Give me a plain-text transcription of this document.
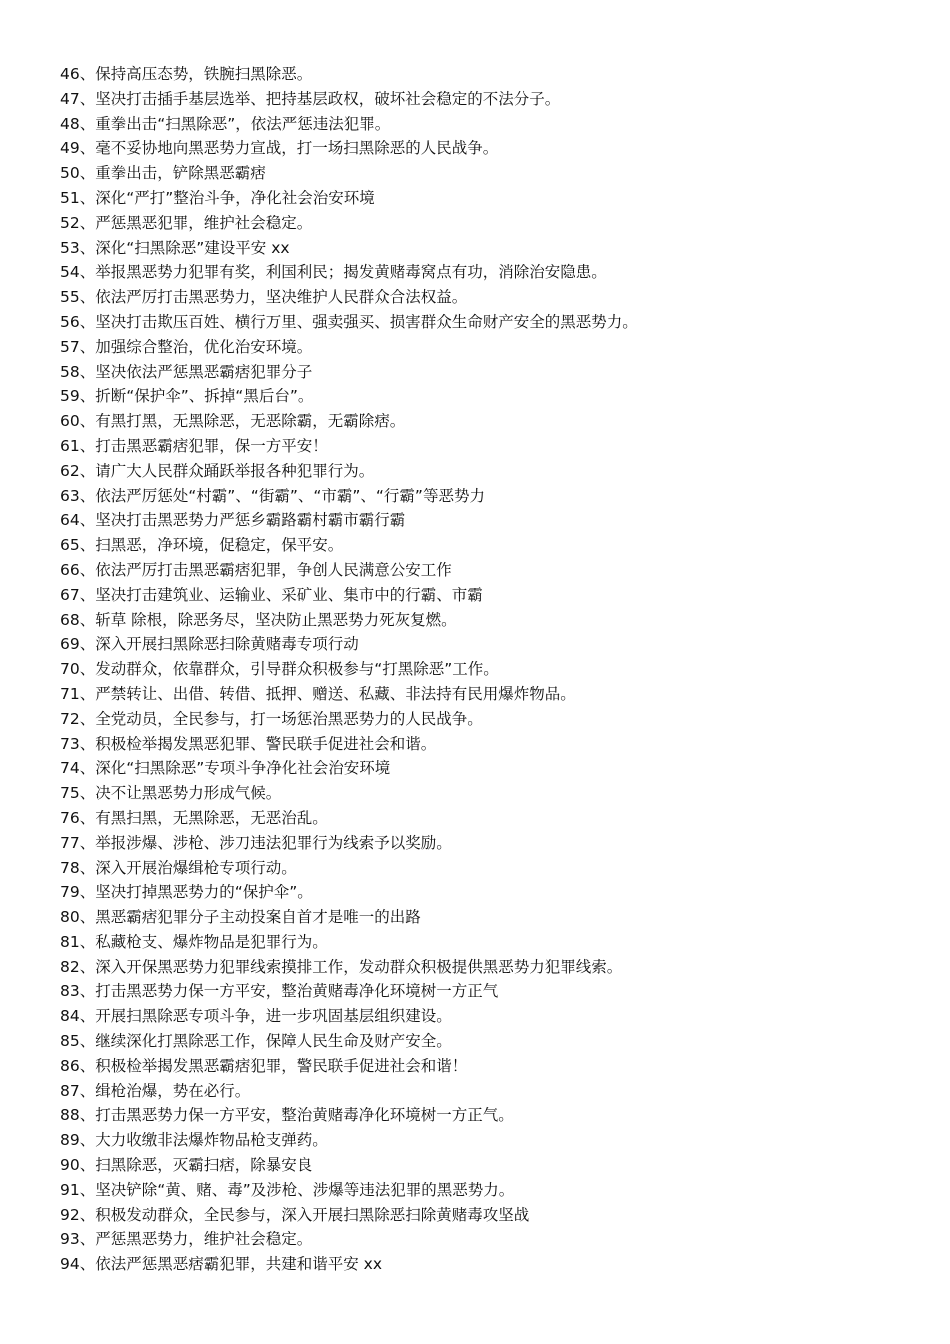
46、保持高压态势，铁腕扫黑除恶。
47、坚决打击插手基层选举、把持基层政权，破坏社会稳定的不法分子。
48、重拳出击“扫黑除恶”，依法严惩违法犯罪。
49、毫不妥协地向黑恶势力宣战，打一场扫黑除恶的人民战争。
50、重拳出击，铲除黑恶霸痞
51、深化“严打”整治斗争，净化社会治安环境
52、严惩黑恶犯罪，维护社会稳定。
53、深化“扫黑除恶”建设平安 xx
54、举报黑恶势力犯罪有奖，利国利民；揭发黄赌毒窝点有功，消除治安隐患。
55、依法严厉打击黑恶势力，坚决维护人民群众合法权益。
56、坚决打击欺压百姓、横行万里、强卖强买、损害群众生命财产安全的黑恶势力。
57、加强综合整治，优化治安环境。
58、坚决依法严惩黑恶霸痞犯罪分子
59、折断“保护伞”、拆掉“黑后台”。
60、有黑打黑，无黑除恶，无恶除霸，无霸除痞。
61、打击黑恶霸痞犯罪，保一方平安！
62、请广大人民群众踊跃举报各种犯罪行为。
63、依法严厉惩处“村霸”、“街霸”、“市霸”、“行霸”等恶势力
64、坚决打击黑恶势力严惩乡霸路霸村霸市霸行霸
65、扫黑恶，净环境，促稳定，保平安。
66、依法严厉打击黑恶霸痞犯罪，争创人民满意公安工作
67、坚决打击建筑业、运输业、采矿业、集市中的行霸、市霸
68、斩草 除根，除恶务尽，坚决防止黑恶势力死灰复燃。
69、深入开展扫黑除恶扫除黄赌毒专项行动
70、发动群众，依靠群众，引导群众积极参与“打黑除恶”工作。
71、严禁转让、出借、转借、抵押、赠送、私藏、非法持有民用爆炸物品。
72、全党动员，全民参与，打一场惩治黑恶势力的人民战争。
73、积极检举揭发黑恶犯罪、警民联手促进社会和谐。
74、深化“扫黑除恶”专项斗争净化社会治安环境
75、决不让黑恶势力形成气候。
76、有黑扫黑，无黑除恶，无恶治乱。
77、举报涉爆、涉枪、涉刀违法犯罪行为线索予以奖励。
78、深入开展治爆缉枪专项行动。
79、坚决打掉黑恶势力的“保护伞”。
80、黑恶霸痞犯罪分子主动投案自首才是唯一的出路
81、私藏枪支、爆炸物品是犯罪行为。
82、深入开保黑恶势力犯罪线索摸排工作，发动群众积极提供黑恶势力犯罪线索。
83、打击黑恶势力保一方平安，整治黄赌毒净化环境树一方正气
84、开展扫黑除恶专项斗争，进一步巩固基层组织建设。
85、继续深化打黑除恶工作，保障人民生命及财产安全。
86、积极检举揭发黑恶霸痞犯罪，警民联手促进社会和谐！
87、缉枪治爆，势在必行。
88、打击黑恶势力保一方平安，整治黄赌毒净化环境树一方正气。
89、大力收缴非法爆炸物品枪支弹药。
90、扫黑除恶，灭霸扫痞，除暴安良
91、坚决铲除“黄、赌、毒”及涉枪、涉爆等违法犯罪的黑恶势力。
92、积极发动群众，全民参与，深入开展扫黑除恶扫除黄赌毒攻坚战
93、严惩黑恶势力，维护社会稳定。
94、依法严惩黑恶痞霸犯罪，共建和谐平安 xx
